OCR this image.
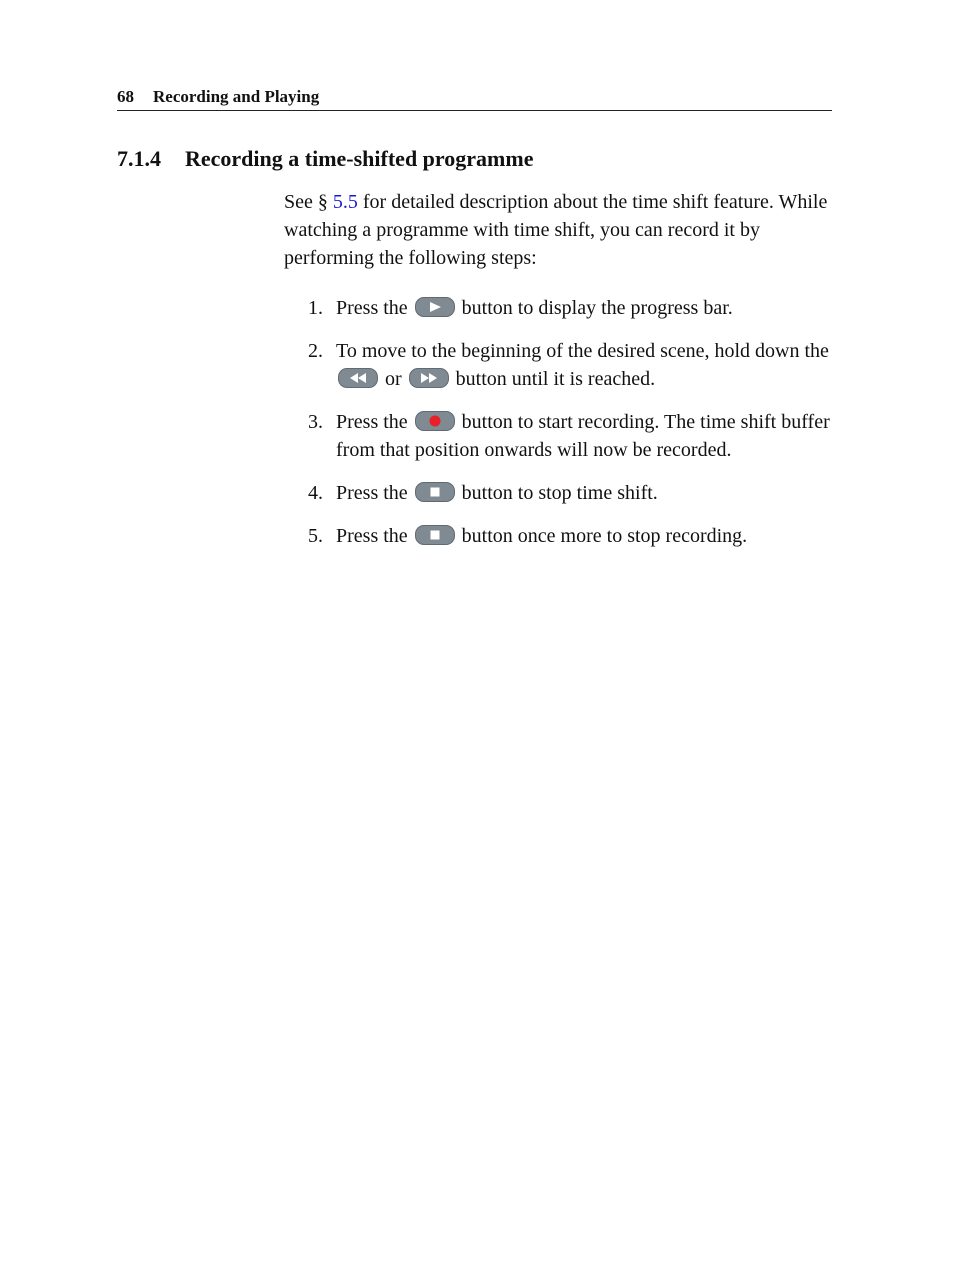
68 Recording and Playing
7.1.4 Recording a time-shifted programme

See § 5.5 for detailed description about the time shift feature. While watching a programme with time shift, you can record it by performing the following steps:

1. Press the	button to display the progress bar.
2. To move to the beginning of the desired scene, hold down the
or	button until it is reached.
3. Press the	button to start recording. The time shift buffer from that position onwards will now be recorded.
4. Press the	button to stop time shift.
5. Press the	button once more to stop recording.
